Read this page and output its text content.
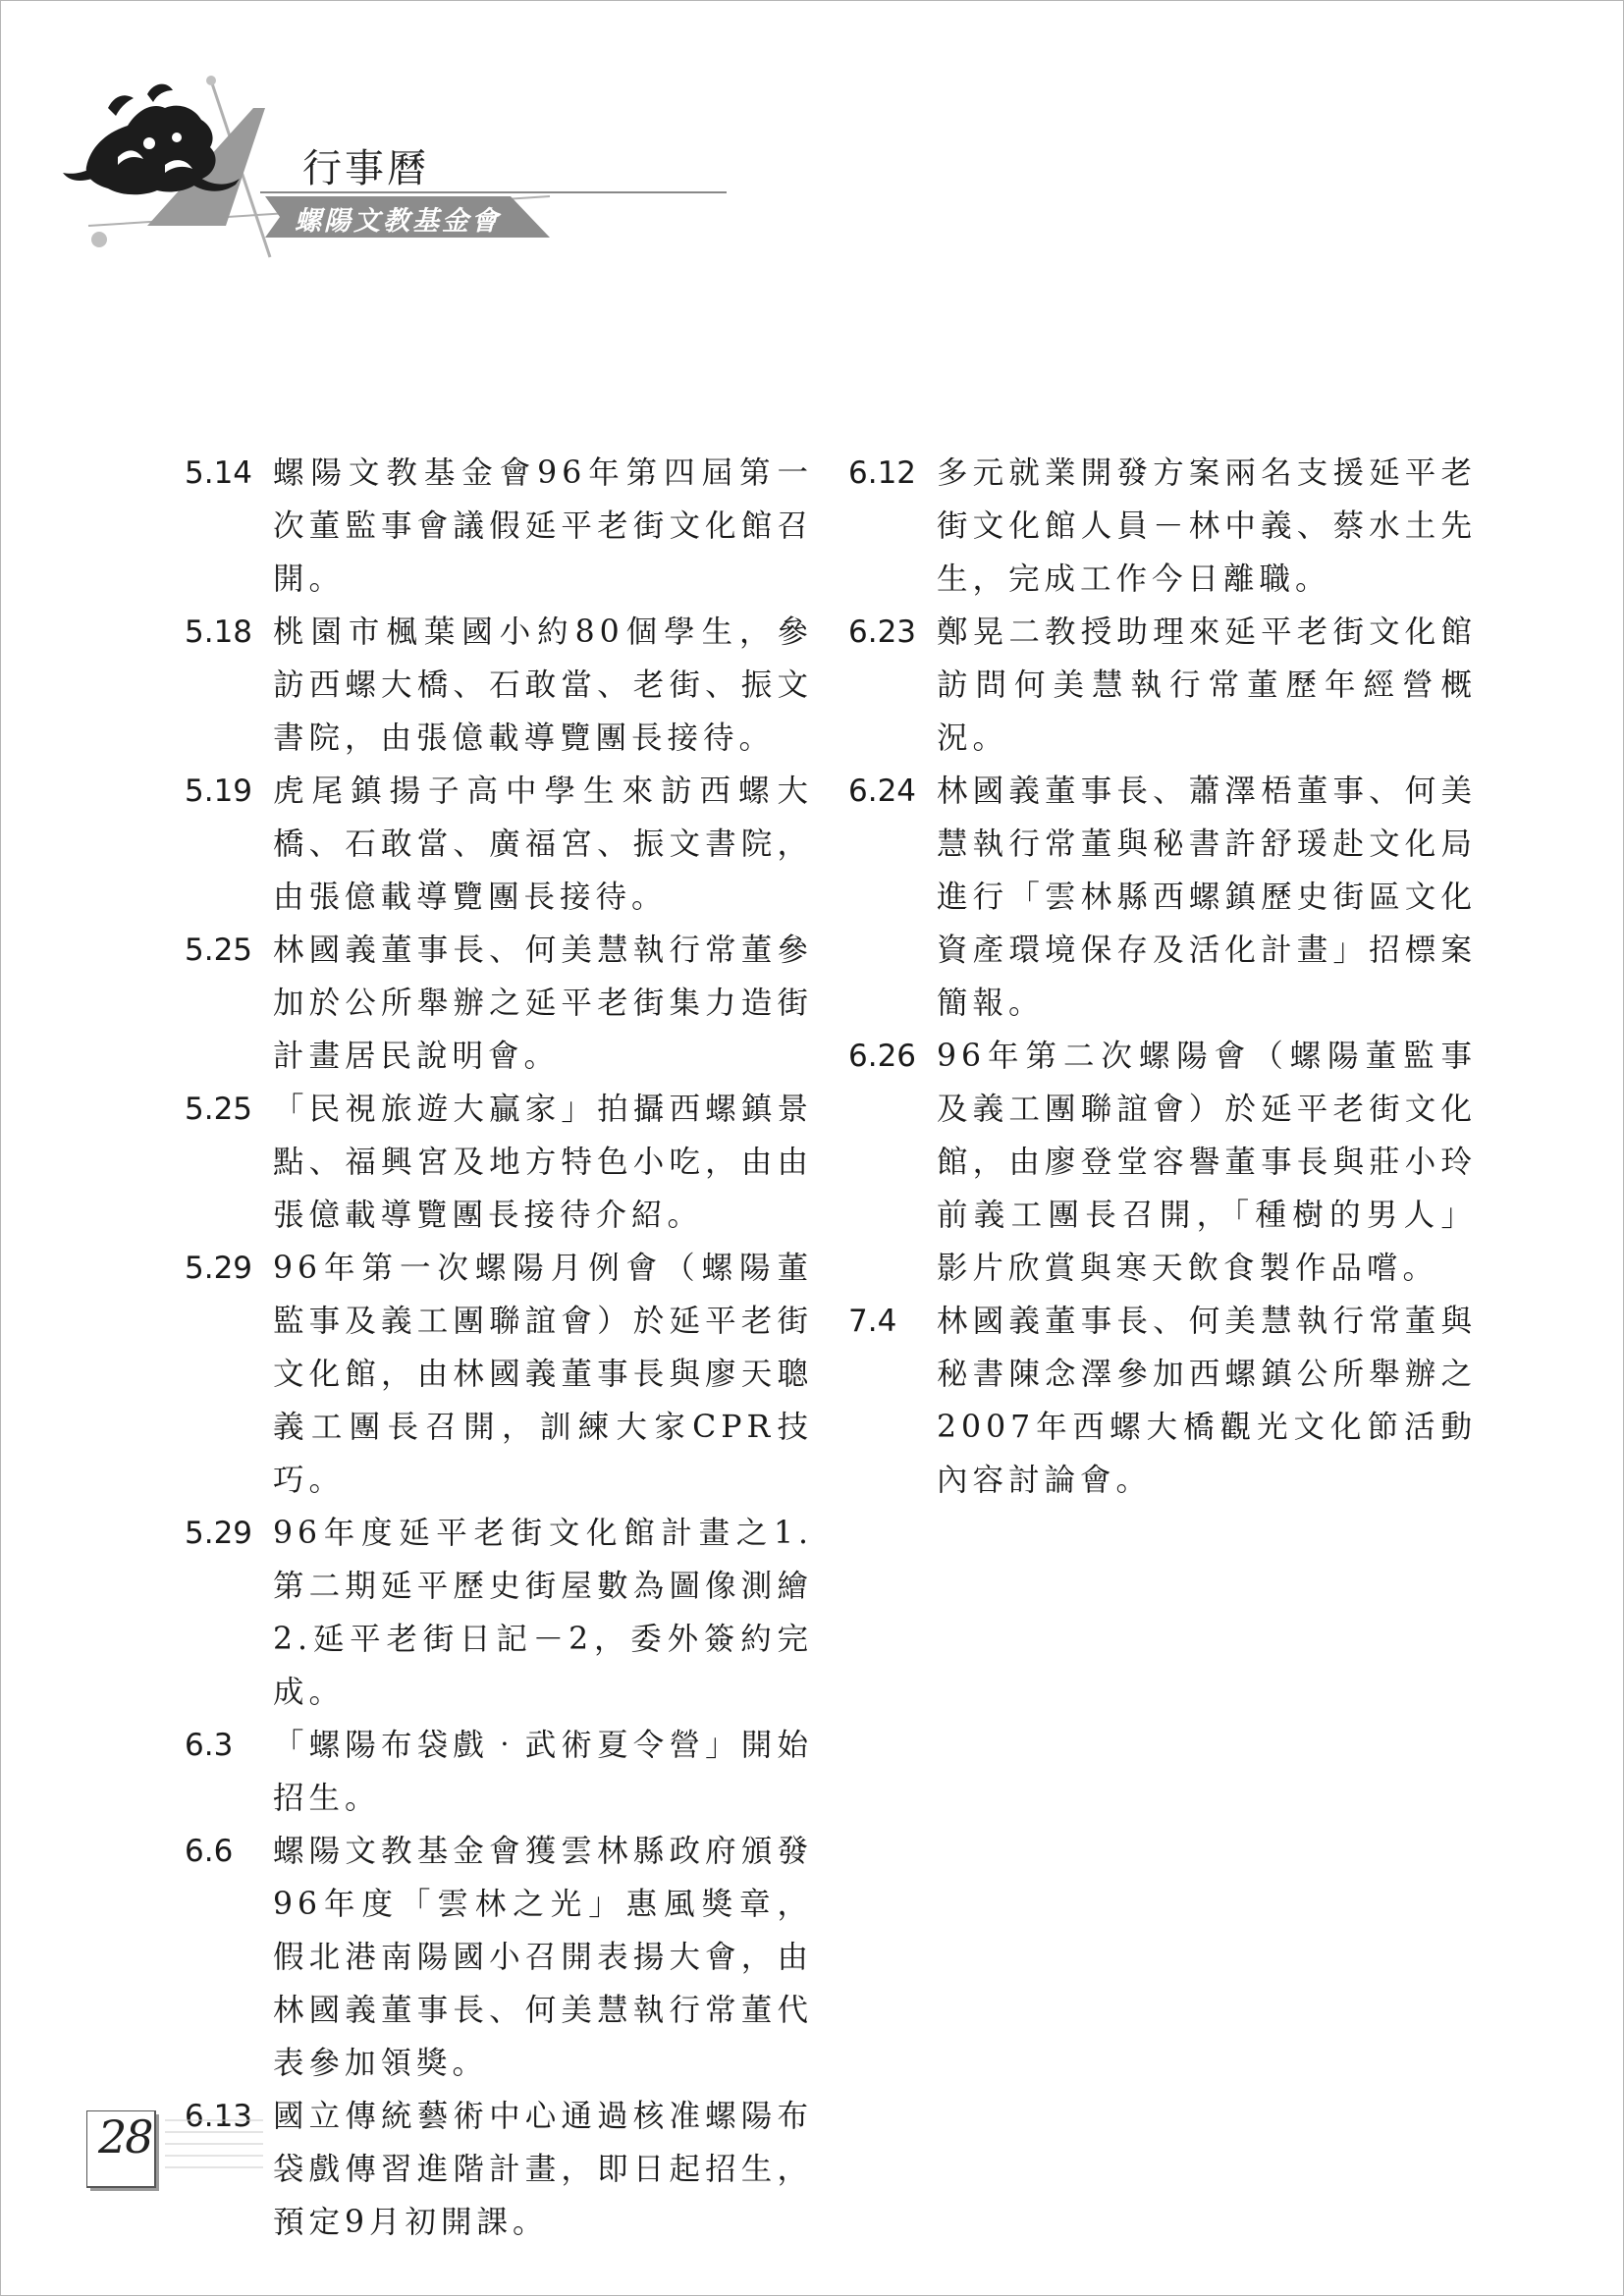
行事曆
螺陽文教基金會
5.14 螺陽文教基金會96年第四屆第一次董監事會議假延平老街文化館召開。
5.18 桃園市楓葉國小約80個學生，參訪西螺大橋、石敢當、老街、振文書院，由張億載導覽團長接待。
5.19 虎尾鎮揚子高中學生來訪西螺大橋、石敢當、廣福宮、振文書院，由張億載導覽團長接待。
5.25 林國義董事長、何美慧執行常董參加於公所舉辦之延平老街集力造街計畫居民說明會。
5.25 「民視旅遊大贏家」拍攝西螺鎮景點、福興宮及地方特色小吃，由由張億載導覽團長接待介紹。
5.29 96年第一次螺陽月例會（螺陽董監事及義工團聯誼會）於延平老街文化館，由林國義董事長與廖天聰義工團長召開，訓練大家CPR技巧。
5.29 96年度延平老街文化館計畫之1.第二期延平歷史街屋數為圖像測繪2.延平老街日記－2，委外簽約完成。
6.3 「螺陽布袋戲‧武術夏令營」開始招生。
6.6 螺陽文教基金會獲雲林縣政府頒發96年度「雲林之光」惠風獎章，假北港南陽國小召開表揚大會，由林國義董事長、何美慧執行常董代表參加領獎。
6.13 國立傳統藝術中心通過核准螺陽布袋戲傳習進階計畫，即日起招生，預定9月初開課。
6.12 多元就業開發方案兩名支援延平老街文化館人員－林中義、蔡水土先生，完成工作今日離職。
6.23 鄭晃二教授助理來延平老街文化館訪問何美慧執行常董歷年經營概況。
6.24 林國義董事長、蕭澤梧董事、何美慧執行常董與秘書許舒瑗赴文化局進行「雲林縣西螺鎮歷史街區文化資產環境保存及活化計畫」招標案簡報。
6.26 96年第二次螺陽會（螺陽董監事及義工團聯誼會）於延平老街文化館，由廖登堂容譽董事長與莊小玲前義工團長召開，「種樹的男人」影片欣賞與寒天飲食製作品嚐。
7.4 林國義董事長、何美慧執行常董與秘書陳念澤參加西螺鎮公所舉辦之2007年西螺大橋觀光文化節活動內容討論會。
28
